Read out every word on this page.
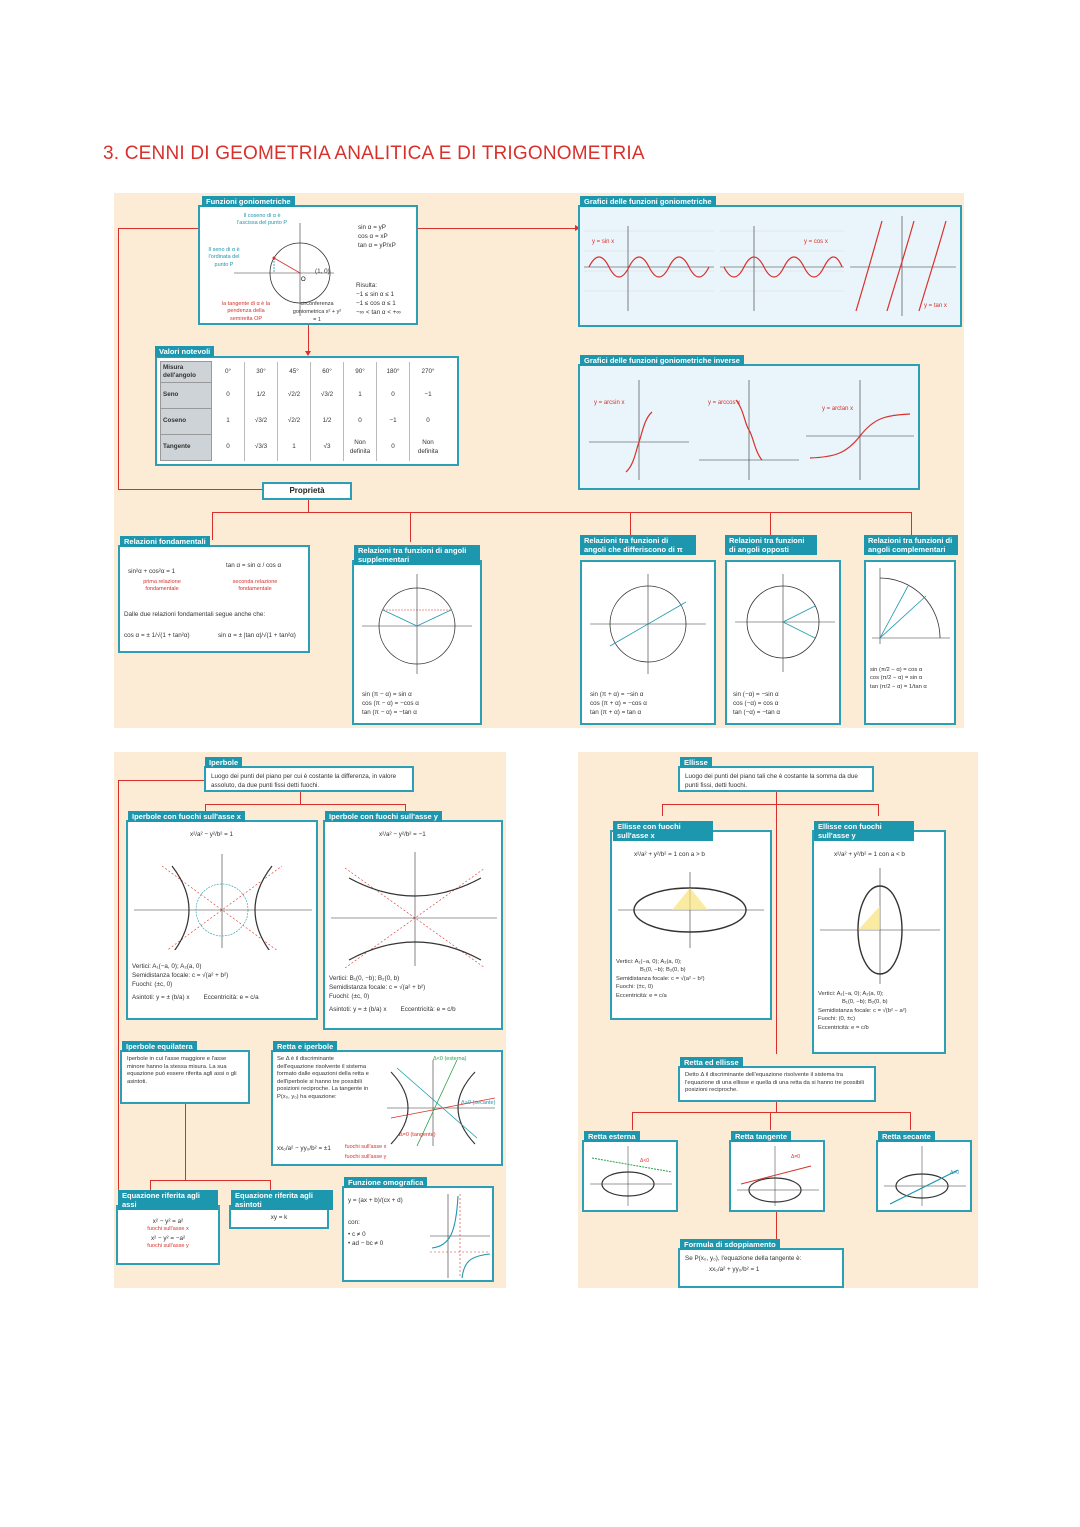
3. CENNI DI GEOMETRIA ANALITICA E DI TRIGONOMETRIA
O
Il coseno di α è l'ascissa del punto P
Il seno di α è l'ordinata del punto P
la tangente di α è la pendenza della semiretta OP
circonferenza goniometrica x² + y² = 1
(1, 0)
sin α = yP
cos α = xP
tan α = yP/xP
Risulta:
−1 ≤ sin α ≤ 1
−1 ≤ cos α ≤ 1
−∞ < tan α < +∞
Funzioni goniometriche
Misura dell'angolo	0°	30°	45°	60°	90°	180°	270°
Seno	0	1/2	√2/2	√3/2	1	0	−1
Coseno	1	√3/2	√2/2	1/2	0	−1	0
Tangente	0	√3/3	1	√3	Non definita	0	Non definita
Valori notevoli
Proprietà
y = sin x	y = cos x
y = tan x
Grafici delle funzioni goniometriche
y = arcsin x	y = arccos x
y = arctan x
Grafici delle funzioni goniometriche inverse
sin²α + cos²α = 1
prima relazione fondamentale
tan α = sin α / cos α
seconda relazione fondamentale
Dalle due relazioni fondamentali segue anche che:
cos α = ± 1/√(1 + tan²α)	sin α = ± |tan α|/√(1 + tan²α)
Relazioni fondamentali
sin (π − α) = sin α
cos (π − α) = −cos α
tan (π − α) = −tan α
Relazioni tra funzioni di angoli supplementari
sin (π + α) = −sin α
cos (π + α) = −cos α
tan (π + α) = tan α
Relazioni tra funzioni di angoli che differiscono di π
sin (−α) = −sin α
cos (−α) = cos α
tan (−α) = −tan α
Relazioni tra funzioni di angoli opposti
sin (π/2 − α) = cos α
cos (π/2 − α) = sin α
tan (π/2 − α) = 1/tan α
Relazioni tra funzioni di angoli complementari
Luogo dei punti del piano per cui è costante la differenza, in valore assoluto, da due punti fissi detti fuochi.
Iperbole
x²/a² − y²/b² = 1
Vertici: A₁(−a, 0); A₂(a, 0)
Semidistanza focale: c = √(a² + b²)
Fuochi: (±c, 0)
Asintoti: y = ± (b/a) x Eccentricità: e = c/a
Iperbole con fuochi sull'asse x
x²/a² − y²/b² = −1
Vertici: B₁(0, −b); B₂(0, b)
Semidistanza focale: c = √(a² + b²)
Fuochi: (±c, 0)
Asintoti: y = ± (b/a) x Eccentricità: e = c/b
Iperbole con fuochi sull'asse y
Iperbole in cui l'asse maggiore e l'asse minore hanno la stessa misura. La sua equazione può essere riferita agli assi o gli asintoti.
Iperbole equilatera
Se Δ è il discriminante dell'equazione risolvente il sistema formato dalle equazioni della retta e dell'iperbole si hanno tre possibili posizioni reciproche. La tangente in P(x₀, y₀) ha equazione:
xx₀/a² − yy₀/b² = ±1	fuochi sull'asse x
fuochi sull'asse y
Δ<0 (esterna)
Δ>0 (secante)
Δ=0 (tangente)
Retta e iperbole
x² − y² = a²
fuochi sull'asse x
x² − y² = −a²
fuochi sull'asse y
Equazione riferita agli assi
xy = k
Equazione riferita agli asintoti	y = (ax + b)/(cx + d)
con:
• c ≠ 0
• ad − bc ≠ 0
Funzione omografica
Luogo dei punti del piano tali che è costante la somma da due punti fissi, detti fuochi.
Ellisse
x²/a² + y²/b² = 1 con a > b
Vertici: A₁(−a, 0); A₂(a, 0);
B₁(0, −b); B₂(0, b)
Semidistanza focale: c = √(a² − b²)
Fuochi: (±c, 0)
Eccentricità: e = c/a
Ellisse con fuochi sull'asse x
x²/a² + y²/b² = 1 con a < b
Vertici: A₁(−a, 0); A₂(a, 0);
B₁(0, −b); B₂(0, b)
Semidistanza focale: c = √(b² − a²)
Fuochi: (0, ±c)
Eccentricità: e = c/b
Ellisse con fuochi sull'asse y
Detto Δ il discriminante dell'equazione risolvente il sistema tra l'equazione di una ellisse e quella di una retta da si hanno tre possibili posizioni reciproche.
Retta ed ellisse
Δ<0
Retta esterna
Δ=0
Retta tangente
Δ>0
Retta secante
Se P(x₀, y₀), l'equazione della tangente è:
xx₀/a² + yy₀/b² = 1
Formula di sdoppiamento
